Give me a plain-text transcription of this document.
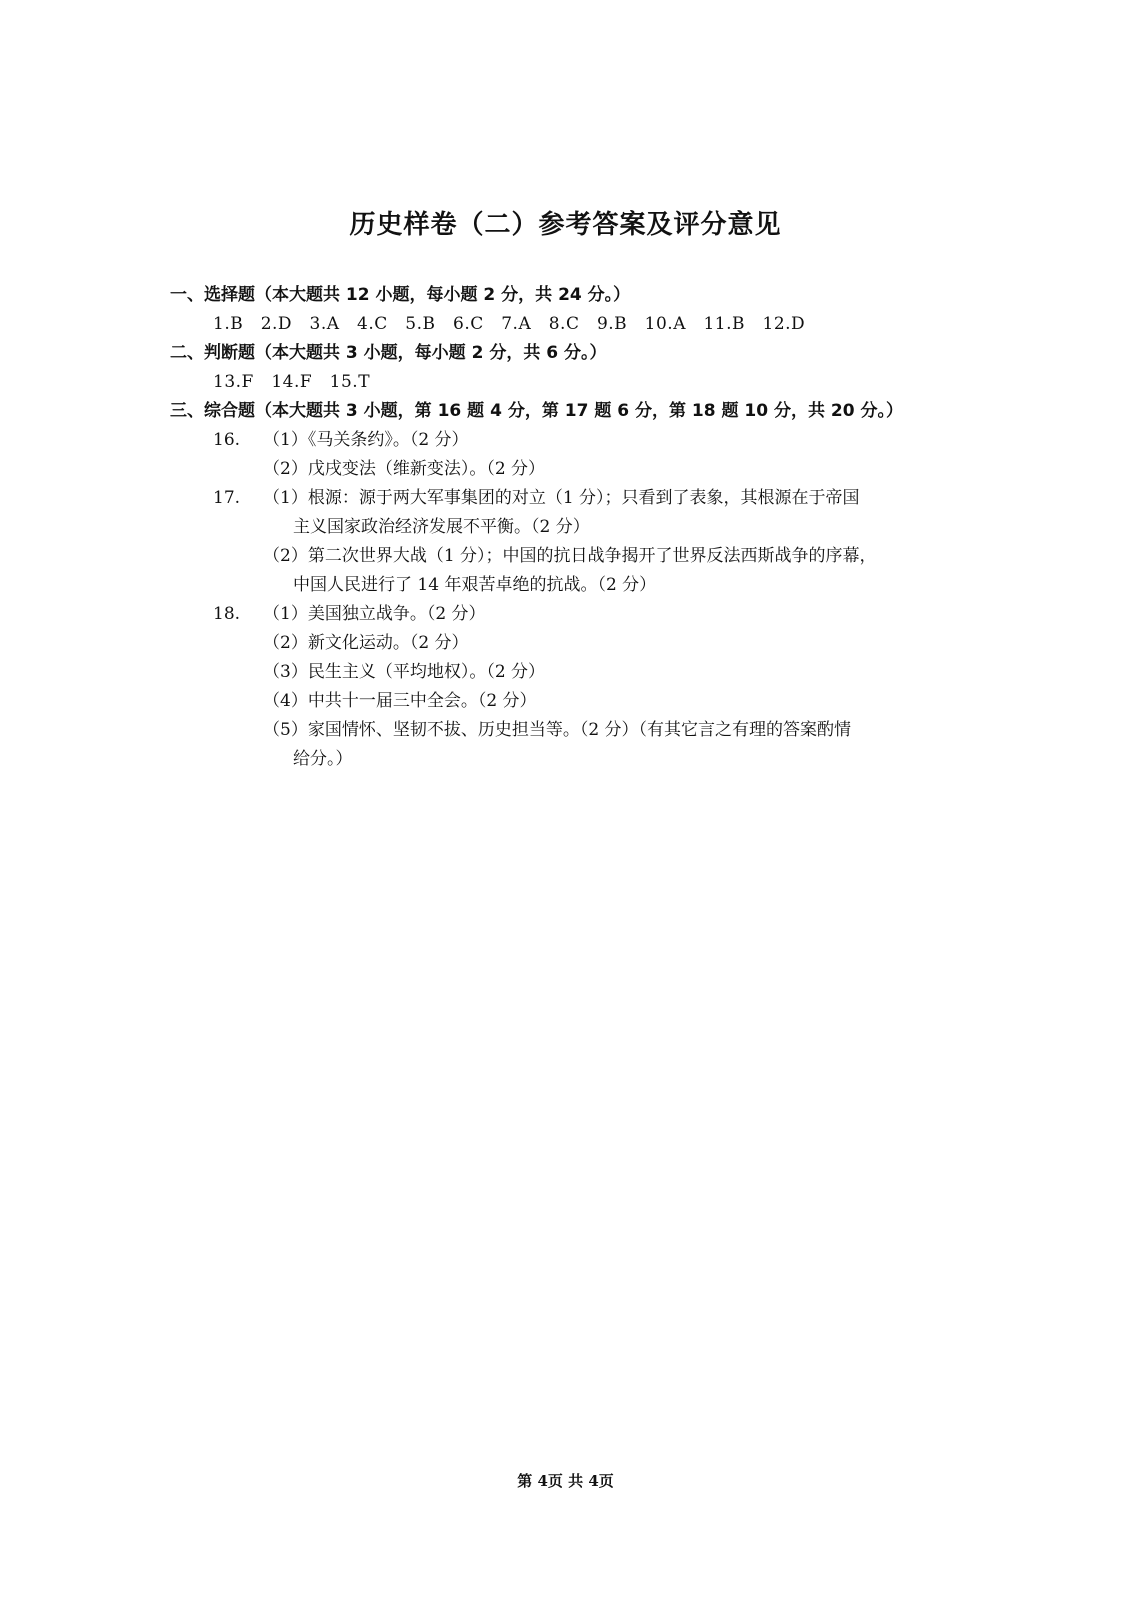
历史样卷（二）参考答案及评分意见
一、选择题（本大题共 12 小题，每小题 2 分，共 24 分。）
1.B　2.D　3.A　4.C　5.B　6.C　7.A　8.C　9.B　10.A　11.B　12.D
二、判断题（本大题共 3 小题，每小题 2 分，共 6 分。）
13.F　14.F　15.T
三、综合题（本大题共 3 小题，第 16 题 4 分，第 17 题 6 分，第 18 题 10 分，共 20 分。）
16. （1）《马关条约》。（2 分）
（2）戊戌变法（维新变法）。（2 分）
17. （1）根源：源于两大军事集团的对立（1 分）；只看到了表象，其根源在于帝国
主义国家政治经济发展不平衡。（2 分）
（2）第二次世界大战（1 分）；中国的抗日战争揭开了世界反法西斯战争的序幕，
中国人民进行了 14 年艰苦卓绝的抗战。（2 分）
18. （1）美国独立战争。（2 分）
（2）新文化运动。（2 分）
（3）民生主义（平均地权）。（2 分）
（4）中共十一届三中全会。（2 分）
（5）家国情怀、坚韧不拔、历史担当等。（2 分）（有其它言之有理的答案酌情
给分。）
第 4页 共 4页
